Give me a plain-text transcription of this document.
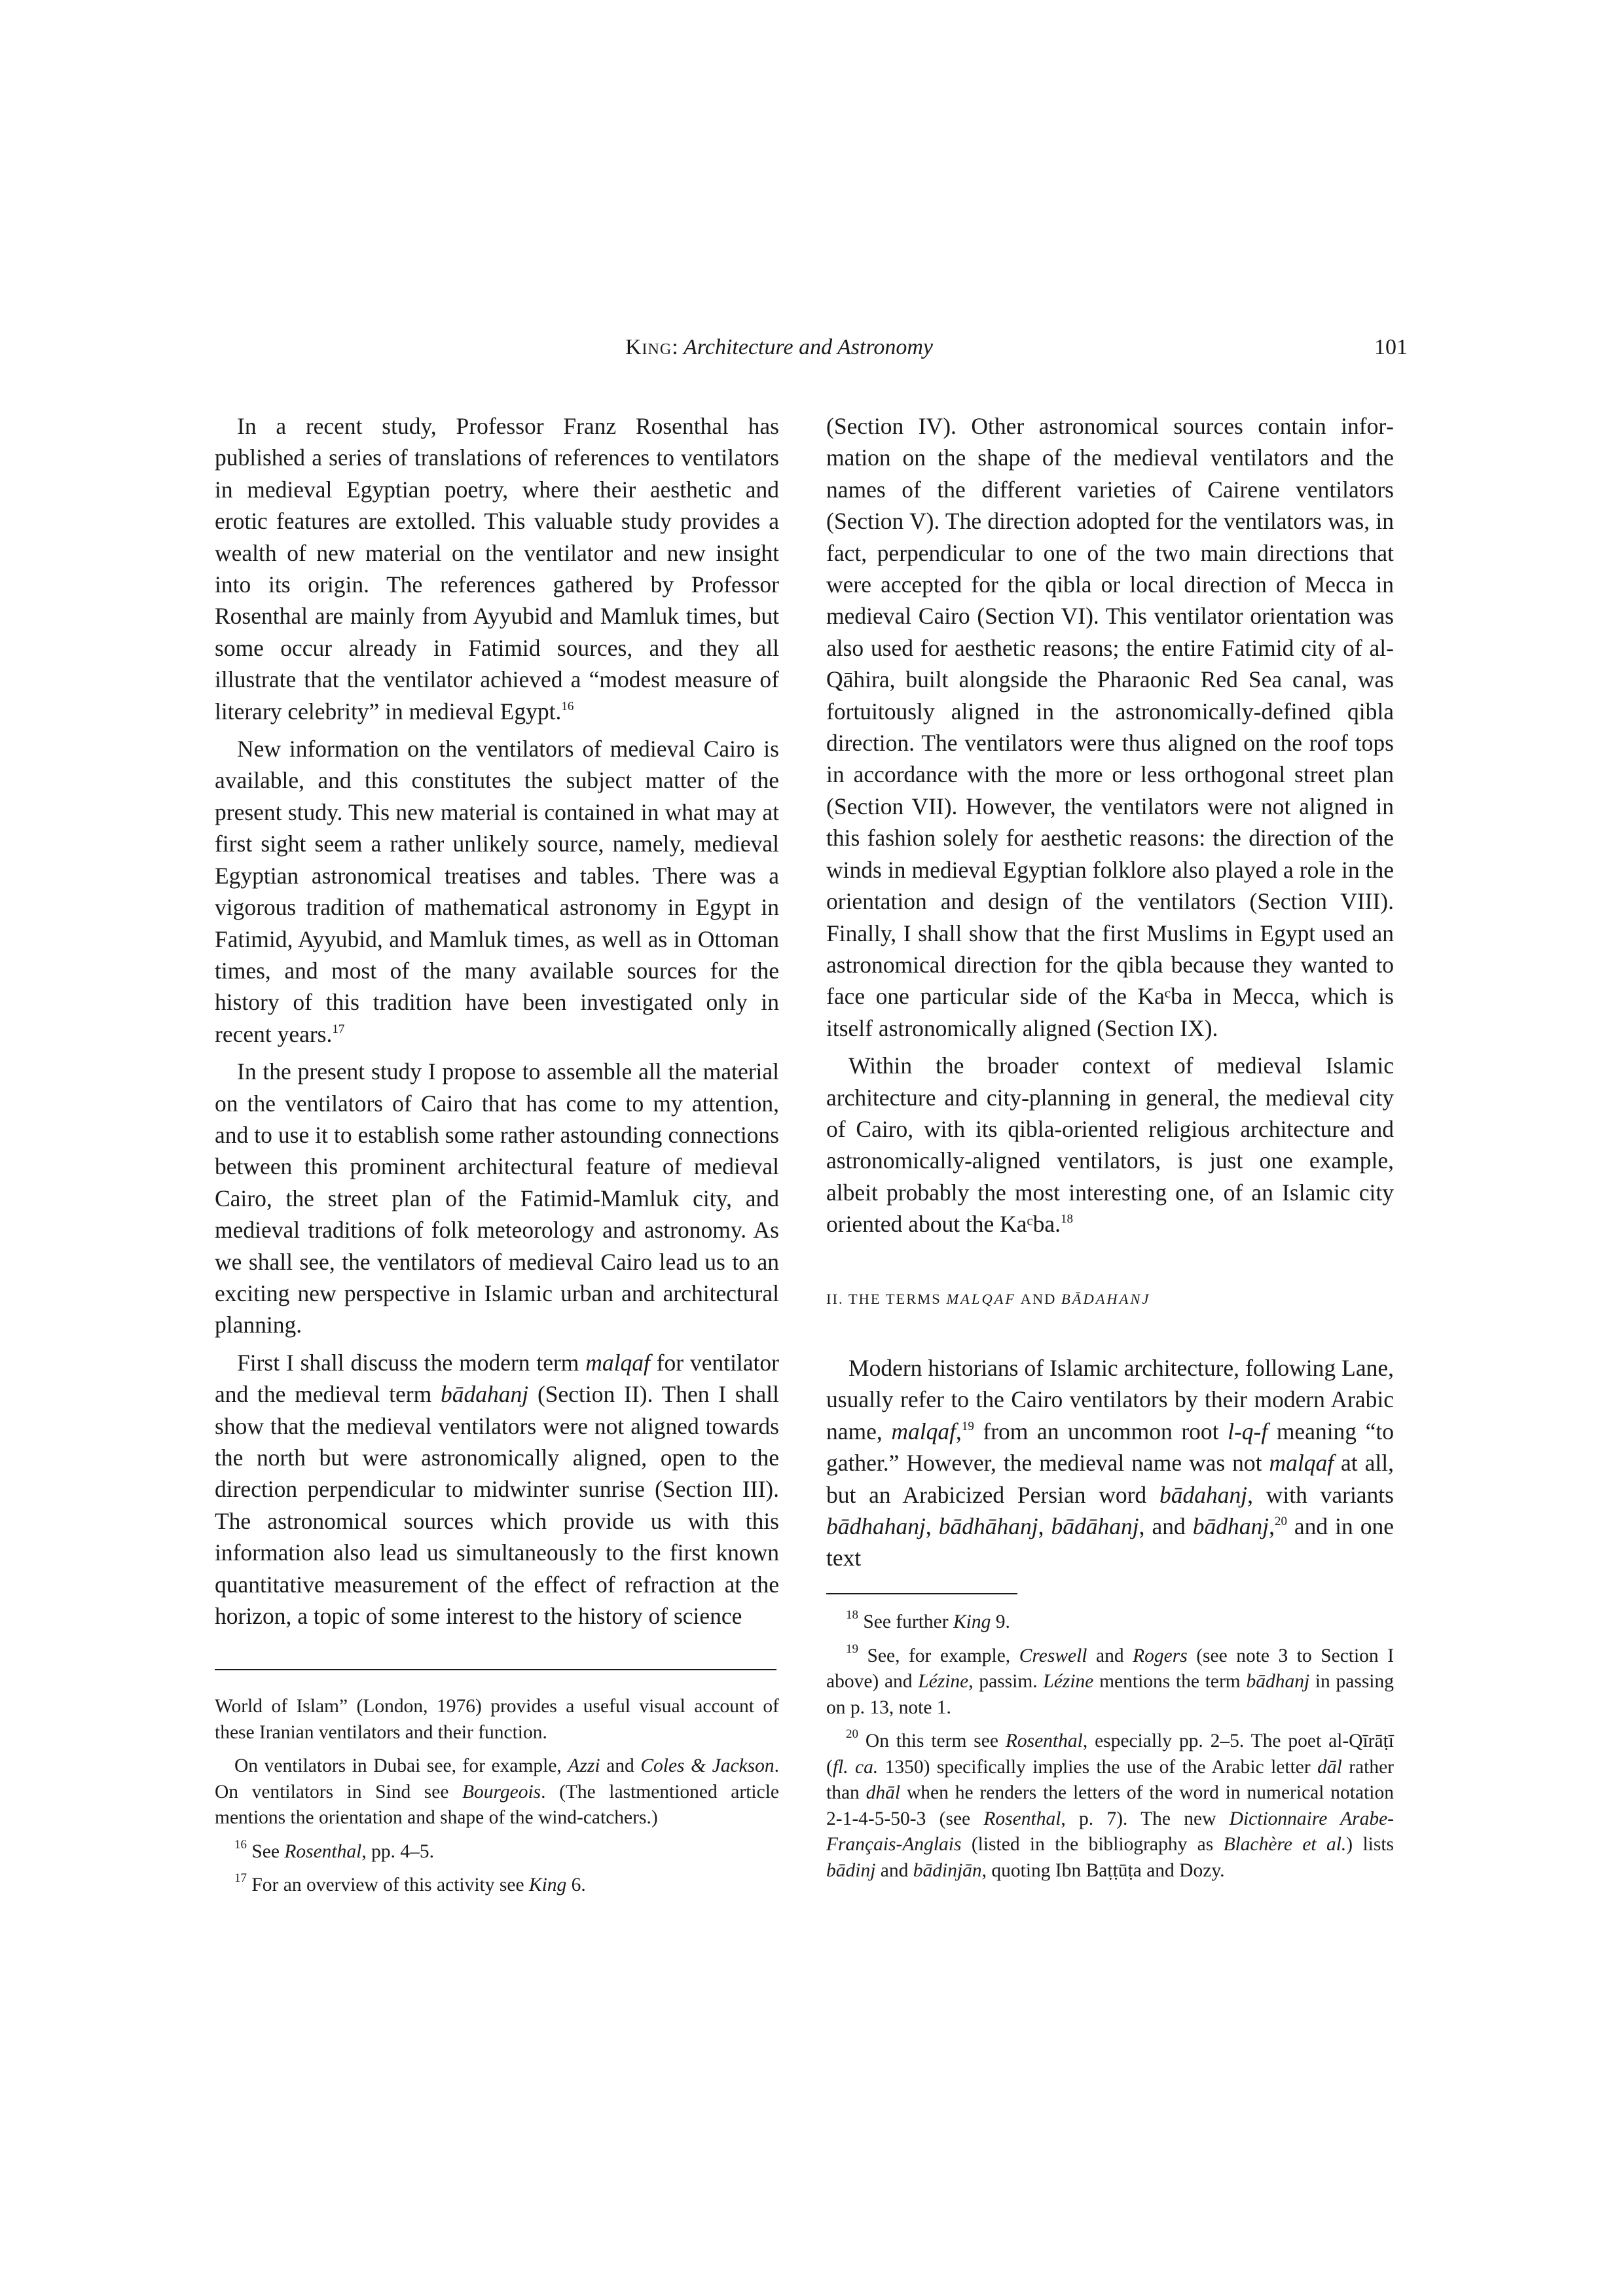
King: Architecture and Astronomy	101

In a recent study, Professor Franz Rosenthal has published a series of translations of references to ventilators in medieval Egyptian poetry, where their aesthetic and erotic features are extolled. This valuable study provides a wealth of new material on the ventilator and new insight into its origin. The references gathered by Professor Rosenthal are mainly from Ayyubid and Mamluk times, but some occur already in Fatimid sources, and they all illustrate that the ventilator achieved a “modest measure of literary celebrity” in medieval Egypt.$^{16}$

New information on the ventilators of medieval Cairo is available, and this constitutes the subject matter of the present study. This new material is contained in what may at first sight seem a rather unlikely source, namely, medieval Egyptian astronomical treatises and tables. There was a vigorous tradition of mathematical astronomy in Egypt in Fatimid, Ayyubid, and Mamluk times, as well as in Ottoman times, and most of the many available sources for the history of this tradition have been investigated only in recent years.$^{17}$

In the present study I propose to assemble all the material on the ventilators of Cairo that has come to my attention, and to use it to establish some rather astounding connections between this prominent architectural feature of medieval Cairo, the street plan of the Fatimid-Mamluk city, and medieval traditions of folk meteorology and astronomy. As we shall see, the ventilators of medieval Cairo lead us to an exciting new perspective in Islamic urban and architectural planning.

First I shall discuss the modern term malqaf for ventilator and the medieval term bādahanj (Section II). Then I shall show that the medieval ventilators were not aligned towards the north but were astronomically aligned, open to the direction perpendicular to midwinter sunrise (Section III). The astronomical sources which provide us with this information also lead us simultaneously to the first known quantitative measurement of the effect of refraction at the horizon, a topic of some interest to the history of science

World of Islam” (London, 1976) provides a useful visual account of these Iranian ventilators and their function.

On ventilators in Dubai see, for example, Azzi and Coles & Jackson. On ventilators in Sind see Bourgeois. (The lastmentioned article mentions the orientation and shape of the wind-catchers.)

$^{16}$ See Rosenthal, pp. 4–5.

$^{17}$ For an overview of this activity see King 6.

(Section IV). Other astronomical sources contain information on the shape of the medieval ventilators and the names of the different varieties of Cairene ventilators (Section V). The direction adopted for the ventilators was, in fact, perpendicular to one of the two main directions that were accepted for the qibla or local direction of Mecca in medieval Cairo (Section VI). This ventilator orientation was also used for aesthetic reasons; the entire Fatimid city of al-Qāhira, built alongside the Pharaonic Red Sea canal, was fortuitously aligned in the astronomically-defined qibla direction. The ventilators were thus aligned on the roof tops in accordance with the more or less orthogonal street plan (Section VII). However, the ventilators were not aligned in this fashion solely for aesthetic reasons: the direction of the winds in medieval Egyptian folklore also played a role in the orientation and design of the ventilators (Section VIII). Finally, I shall show that the first Muslims in Egypt used an astronomical direction for the qibla because they wanted to face one particular side of the Kaᶜba in Mecca, which is itself astronomically aligned (Section IX).

Within the broader context of medieval Islamic architecture and city-planning in general, the medieval city of Cairo, with its qibla-oriented religious architecture and astronomically-aligned ventilators, is just one example, albeit probably the most interesting one, of an Islamic city oriented about the Kaᶜba.$^{18}$

II. THE TERMS MALQAF AND BĀDAHANJ

Modern historians of Islamic architecture, following Lane, usually refer to the Cairo ventilators by their modern Arabic name, malqaf,$^{19}$ from an uncommon root l-q-f meaning “to gather.” However, the medieval name was not malqaf at all, but an Arabicized Persian word bādahanj, with variants bādhahanj, bādhāhanj, bādāhanj, and bādhanj,$^{20}$ and in one text

$^{18}$ See further King 9.

$^{19}$ See, for example, Creswell and Rogers (see note 3 to Section I above) and Lézine, passim. Lézine mentions the term bādhanj in passing on p. 13, note 1.

$^{20}$ On this term see Rosenthal, especially pp. 2–5. The poet al-Qīrāṭī (fl. ca. 1350) specifically implies the use of the Arabic letter dāl rather than dhāl when he renders the letters of the word in numerical notation 2-1-4-5-50-3 (see Rosenthal, p. 7). The new Dictionnaire Arabe-Français-Anglais (listed in the bibliography as Blachère et al.) lists bādinj and bādinjān, quoting Ibn Baṭṭūṭa and Dozy.
